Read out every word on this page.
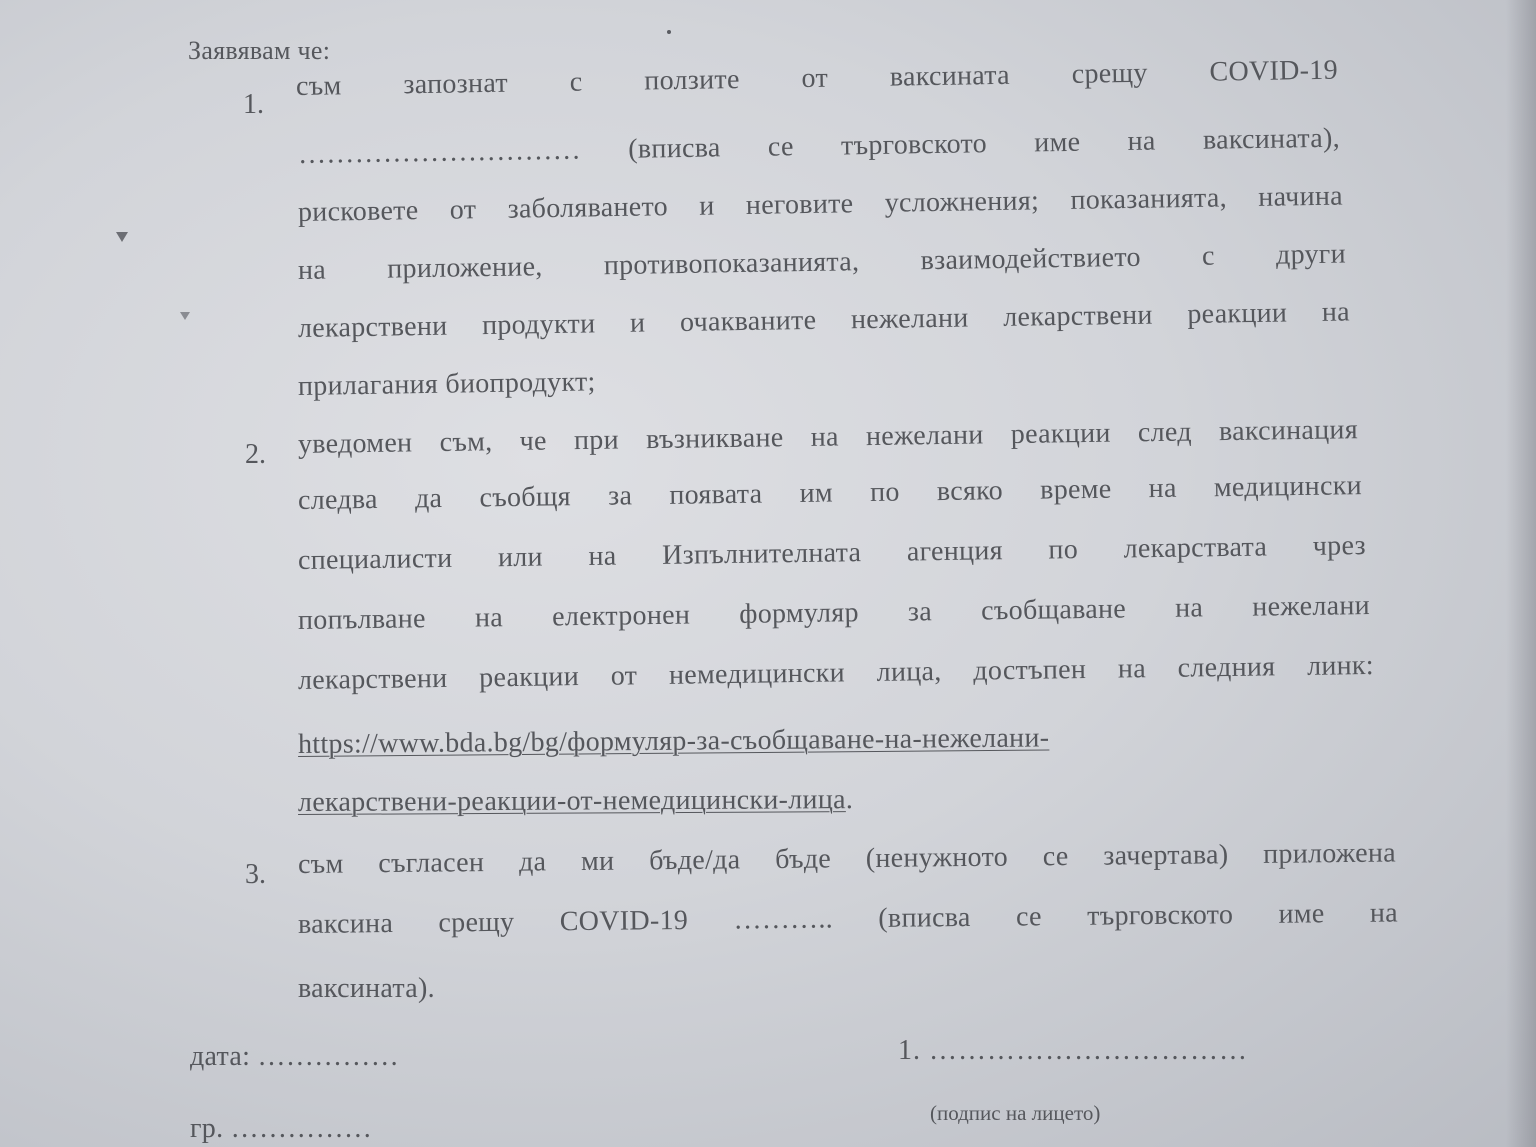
Заявявам че:
1.
съм запознат с ползите от ваксината срещу COVID-19
………………………… (вписва се търговското име на ваксината),
рисковете от заболяването и неговите усложнения; показанията, начина
на приложение, противопоказанията, взаимодействието с други
лекарствени продукти и очакваните нежелани лекарствени реакции на
прилагания биопродукт;
2. уведомен съм, че при възникване на нежелани реакции след ваксинация
следва да съобщя за появата им по всяко време на медицински
специалисти или на Изпълнителната агенция по лекарствата чрез
попълване на електронен формуляр за съобщаване на нежелани
лекарствени реакции от немедицински лица, достъпен на следния линк:
https://www.bda.bg/bg/формуляр-за-съобщаване-на-нежелани-
лекарствени-реакции-от-немедицински-лица.
3. съм съгласен да ми бъде/да бъде (ненужното се зачертава) приложена
ваксина срещу COVID-19 ……….. (вписва се търговското име на
ваксината).
дата: ……………	1. ……………………………
гр. ……………	(подпис на лицето)
